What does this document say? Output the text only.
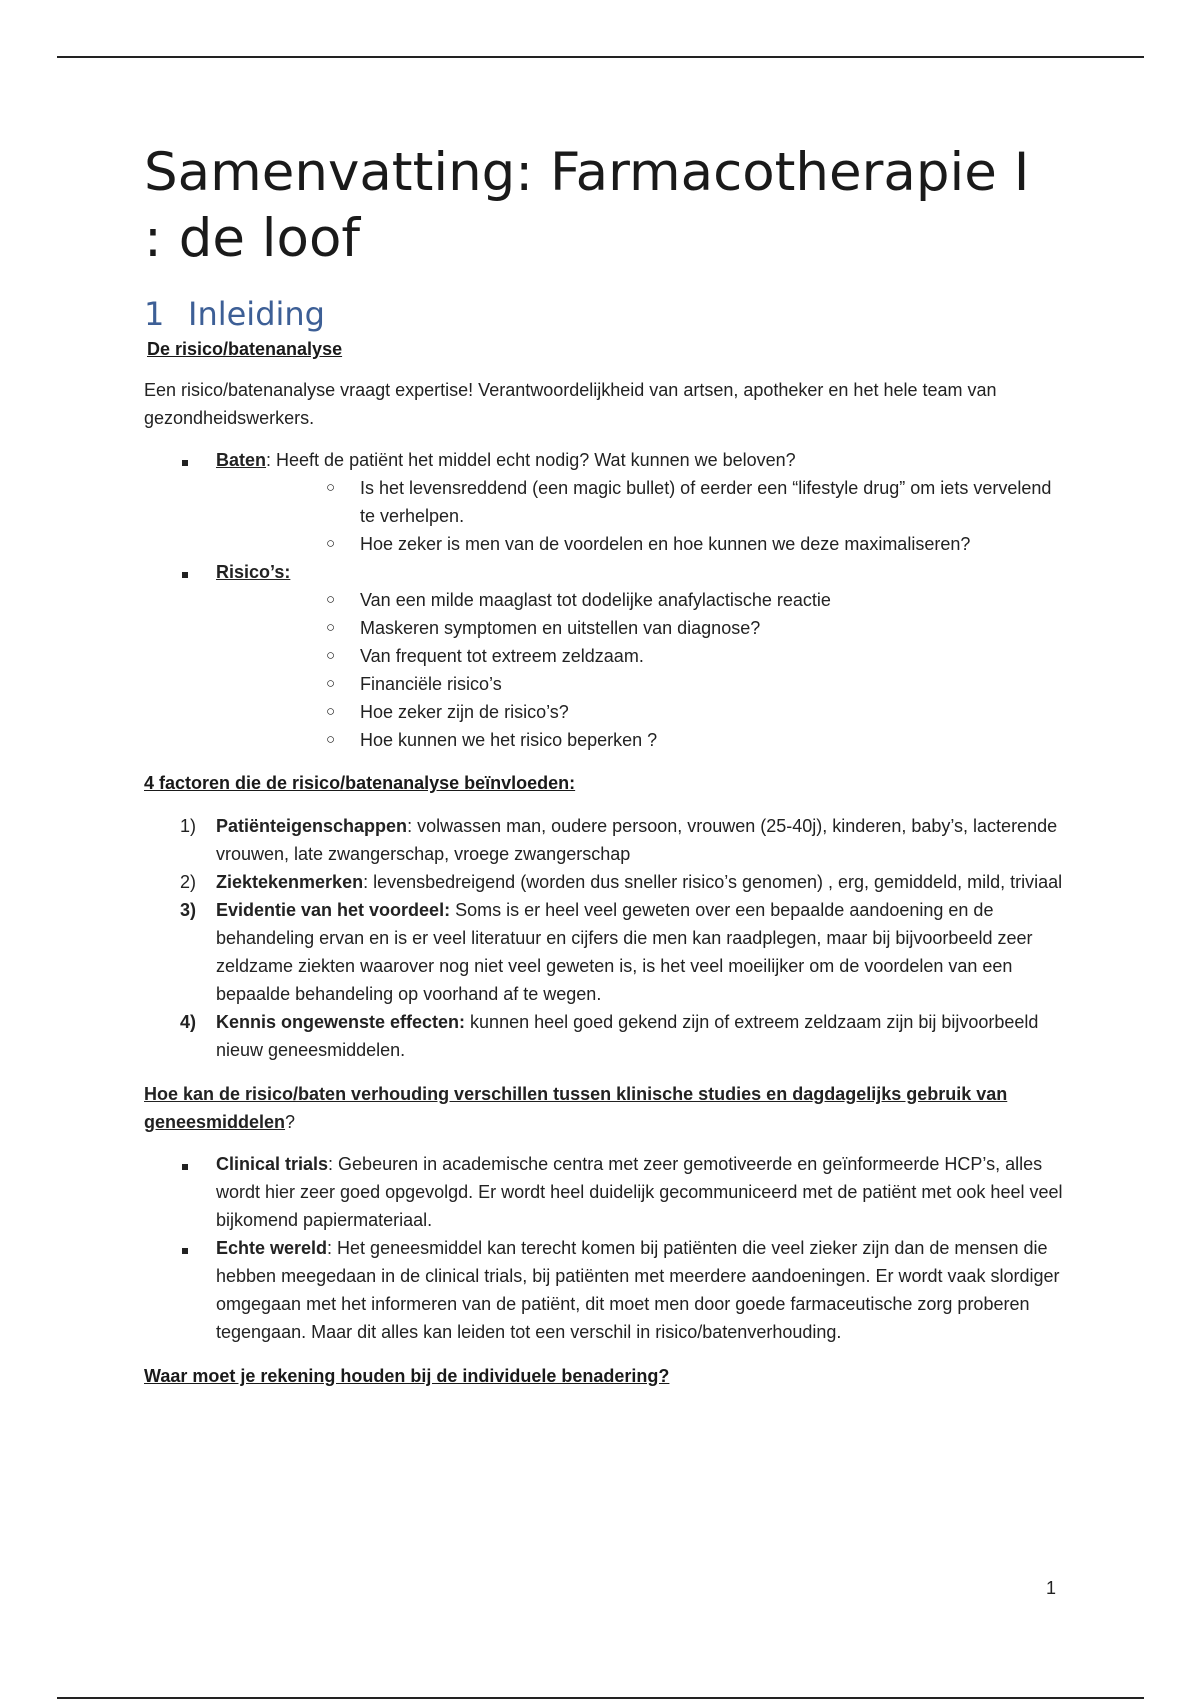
Samenvatting: Farmacotherapie I : de loof
1 Inleiding
De risico/batenanalyse

Een risico/batenanalyse vraagt expertise! Verantwoordelijkheid van artsen, apotheker en het hele team van gezondheidswerkers.

Baten: Heeft de patiënt het middel echt nodig? Wat kunnen we beloven?
○ Is het levensreddend (een magic bullet) of eerder een “lifestyle drug” om iets vervelend te verhelpen.
○ Hoe zeker is men van de voordelen en hoe kunnen we deze maximaliseren?
Risico’s:
○ Van een milde maaglast tot dodelijke anafylactische reactie
○ Maskeren symptomen en uitstellen van diagnose?
○ Van frequent tot extreem zeldzaam.
○ Financiële risico’s
○ Hoe zeker zijn de risico’s?
○ Hoe kunnen we het risico beperken ?
4 factoren die de risico/batenanalyse beïnvloeden:
1) Patiënteigenschappen: volwassen man, oudere persoon, vrouwen (25-40j), kinderen, baby’s, lacterende vrouwen, late zwangerschap, vroege zwangerschap
2) Ziektekenmerken: levensbedreigend (worden dus sneller risico’s genomen) , erg, gemiddeld, mild, triviaal
3) Evidentie van het voordeel: Soms is er heel veel geweten over een bepaalde aandoening en de behandeling ervan en is er veel literatuur en cijfers die men kan raadplegen, maar bij bijvoorbeeld zeer zeldzame ziekten waarover nog niet veel geweten is, is het veel moeilijker om de voordelen van een bepaalde behandeling op voorhand af te wegen.
4) Kennis ongewenste effecten: kunnen heel goed gekend zijn of extreem zeldzaam zijn bij bijvoorbeeld nieuw geneesmiddelen.
Hoe kan de risico/baten verhouding verschillen tussen klinische studies en dagdagelijks gebruik van geneesmiddelen?
Clinical trials: Gebeuren in academische centra met zeer gemotiveerde en geïnformeerde HCP’s, alles wordt hier zeer goed opgevolgd. Er wordt heel duidelijk gecommuniceerd met de patiënt met ook heel veel bijkomend papiermateriaal.
Echte wereld: Het geneesmiddel kan terecht komen bij patiënten die veel zieker zijn dan de mensen die hebben meegedaan in de clinical trials, bij patiënten met meerdere aandoeningen. Er wordt vaak slordiger omgegaan met het informeren van de patiënt, dit moet men door goede farmaceutische zorg proberen tegengaan. Maar dit alles kan leiden tot een verschil in risico/batenverhouding.
Waar moet je rekening houden bij de individuele benadering?
1
